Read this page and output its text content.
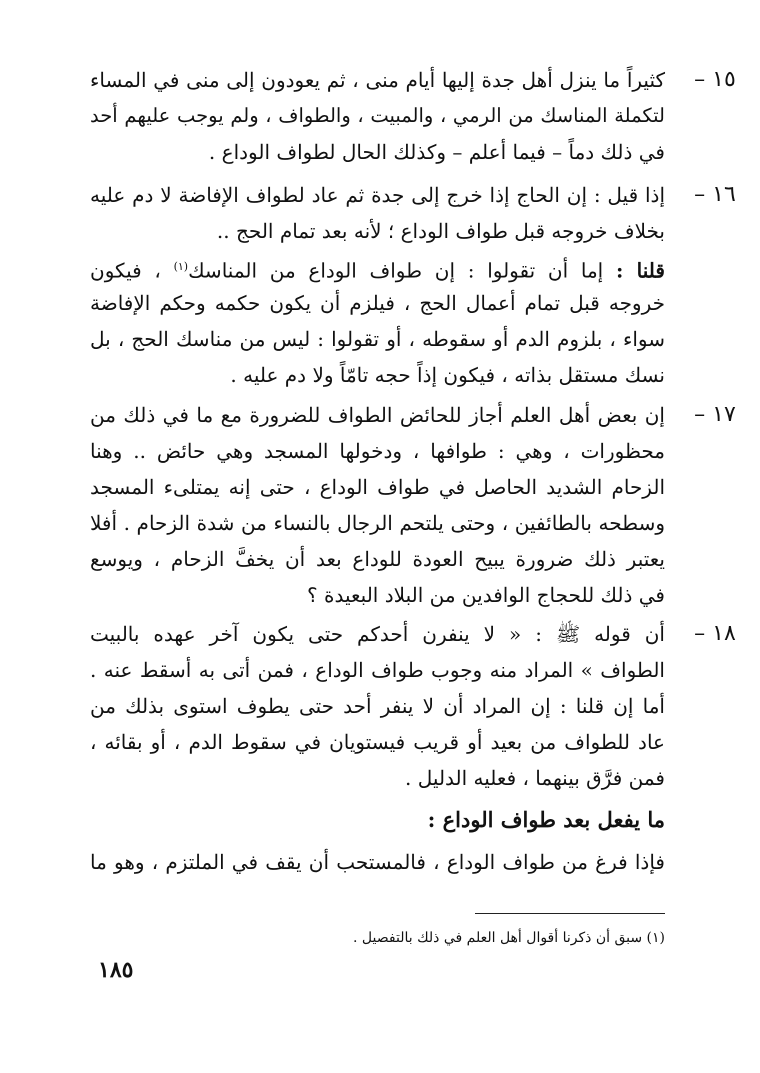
١٥ –
كثيراً ما ينزل أهل جدة إليها أيام منى ، ثم يعودون إلى منى في المساء
لتكملة المناسك من الرمي ، والمبيت ، والطواف ، ولم يوجب عليهم أحد
في ذلك دماً – فيما أعلم – وكذلك الحال لطواف الوداع .
١٦ –
إذا قيل : إن الحاج إذا خرج إلى جدة ثم عاد لطواف الإفاضة لا دم عليه
بخلاف خروجه قبل طواف الوداع ؛ لأنه بعد تمام الحج ..
قلنا : إما أن تقولوا : إن طواف الوداع من المناسك$^{(١)}$ ، فيكون
خروجه قبل تمام أعمال الحج ، فيلزم أن يكون حكمه وحكم الإفاضة
سواء ، بلزوم الدم أو سقوطه ، أو تقولوا : ليس من مناسك الحج ، بل
نسك مستقل بذاته ، فيكون إذاً حجه تامّاً ولا دم عليه .
١٧ –
إن بعض أهل العلم أجاز للحائض الطواف للضرورة مع ما في ذلك من
محظورات ، وهي : طوافها ، ودخولها المسجد وهي حائض .. وهنا
الزحام الشديد الحاصل في طواف الوداع ، حتى إنه يمتلىء المسجد
وسطحه بالطائفين ، وحتى يلتحم الرجال بالنساء من شدة الزحام . أفلا
يعتبر ذلك ضرورة يبيح العودة للوداع بعد أن يخفَّ الزحام ، ويوسع
في ذلك للحجاج الوافدين من البلاد البعيدة ؟
١٨ –
أن قوله ﷺ : « لا ينفرن أحدكم حتى يكون آخر عهده بالبيت
الطواف » المراد منه وجوب طواف الوداع ، فمن أتى به أسقط عنه .
أما إن قلنا : إن المراد أن لا ينفر أحد حتى يطوف استوى بذلك من
عاد للطواف من بعيد أو قريب فيستويان في سقوط الدم ، أو بقائه ،
فمن فرَّق بينهما ، فعليه الدليل .
ما يفعل بعد طواف الوداع :
فإذا فرغ من طواف الوداع ، فالمستحب أن يقف في الملتزم ، وهو ما
(١) سبق أن ذكرنا أقوال أهل العلم في ذلك بالتفصيل .
١٨٥
